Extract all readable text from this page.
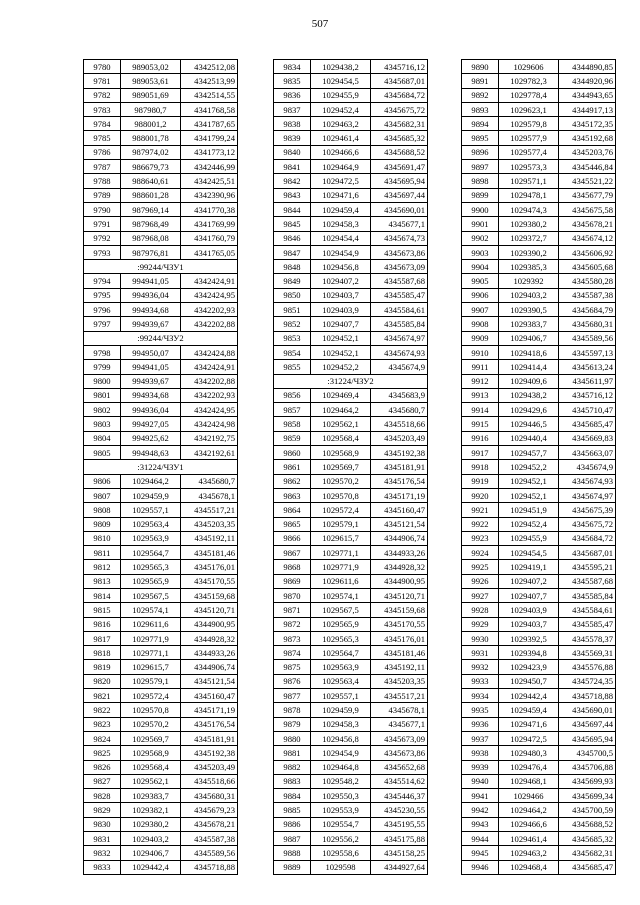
507
9780	989053,02	4342512,08
9781	989053,61	4342513,99
9782	989051,69	4342514,55
9783	987980,7	4341768,58
9784	988001,2	4341787,65
9785	988001,78	4341799,24
9786	987974,02	4341773,12
9787	986679,73	4342446,99
9788	988640,61	4342425,51
9789	988601,28	4342390,96
9790	987969,14	4341770,38
9791	987968,49	4341769,99
9792	987968,08	4341760,79
9793	987976,81	4341765,05
:99244/ЧЗУ1		
9794	994941,05	4342424,91
9795	994936,04	4342424,95
9796	994934,68	4342202,93
9797	994939,67	4342202,88
:99244/ЧЗУ2		
9798	994950,07	4342424,88
9799	994941,05	4342424,91
9800	994939,67	4342202,88
9801	994934,68	4342202,93
9802	994936,04	4342424,95
9803	994927,05	4342424,98
9804	994925,62	4342192,75
9805	994948,63	4342192,61
:31224/ЧЗУ1		
9806	1029464,2	4345680,7
9807	1029459,9	4345678,1
9808	1029557,1	4345517,21
9809	1029563,4	4345203,35
9810	1029563,9	4345192,11
9811	1029564,7	4345181,46
9812	1029565,3	4345176,01
9813	1029565,9	4345170,55
9814	1029567,5	4345159,68
9815	1029574,1	4345120,71
9816	1029611,6	4344900,95
9817	1029771,9	4344928,32
9818	1029771,1	4344933,26
9819	1029615,7	4344906,74
9820	1029579,1	4345121,54
9821	1029572,4	4345160,47
9822	1029570,8	4345171,19
9823	1029570,2	4345176,54
9824	1029569,7	4345181,91
9825	1029568,9	4345192,38
9826	1029568,4	4345203,49
9827	1029562,1	4345518,66
9828	1029383,7	4345680,31
9829	1029382,1	4345679,23
9830	1029380,2	4345678,21
9831	1029403,2	4345587,38
9832	1029406,7	4345589,56
9833	1029442,4	4345718,88
9834	1029438,2	4345716,12
9835	1029454,5	4345687,01
9836	1029455,9	4345684,72
9837	1029452,4	4345675,72
9838	1029463,2	4345682,31
9839	1029461,4	4345685,32
9840	1029466,6	4345688,52
9841	1029464,9	4345691,47
9842	1029472,5	4345695,94
9843	1029471,6	4345697,44
9844	1029459,4	4345690,01
9845	1029458,3	4345677,1
9846	1029454,4	4345674,73
9847	1029454,9	4345673,86
9848	1029456,8	4345673,09
9849	1029407,2	4345587,68
9850	1029403,7	4345585,47
9851	1029403,9	4345584,61
9852	1029407,7	4345585,84
9853	1029452,1	4345674,97
9854	1029452,1	4345674,93
9855	1029452,2	4345674,9
:31224/ЧЗУ2		
9856	1029469,4	4345683,9
9857	1029464,2	4345680,7
9858	1029562,1	4345518,66
9859	1029568,4	4345203,49
9860	1029568,9	4345192,38
9861	1029569,7	4345181,91
9862	1029570,2	4345176,54
9863	1029570,8	4345171,19
9864	1029572,4	4345160,47
9865	1029579,1	4345121,54
9866	1029615,7	4344906,74
9867	1029771,1	4344933,26
9868	1029771,9	4344928,32
9869	1029611,6	4344900,95
9870	1029574,1	4345120,71
9871	1029567,5	4345159,68
9872	1029565,9	4345170,55
9873	1029565,3	4345176,01
9874	1029564,7	4345181,46
9875	1029563,9	4345192,11
9876	1029563,4	4345203,35
9877	1029557,1	4345517,21
9878	1029459,9	4345678,1
9879	1029458,3	4345677,1
9880	1029456,8	4345673,09
9881	1029454,9	4345673,86
9882	1029464,8	4345652,68
9883	1029548,2	4345514,62
9884	1029550,3	4345446,37
9885	1029553,9	4345230,55
9886	1029554,7	4345195,55
9887	1029556,2	4345175,88
9888	1029558,6	4345158,25
9889	1029598	4344927,64
9890	1029606	4344890,85
9891	1029782,3	4344920,96
9892	1029778,4	4344943,65
9893	1029623,1	4344917,13
9894	1029579,8	4345172,35
9895	1029577,9	4345192,68
9896	1029577,4	4345203,76
9897	1029573,3	4345446,84
9898	1029571,1	4345521,22
9899	1029478,1	4345677,79
9900	1029474,3	4345675,58
9901	1029380,2	4345678,21
9902	1029372,7	4345674,12
9903	1029390,2	4345606,92
9904	1029385,3	4345605,68
9905	1029392	4345580,28
9906	1029403,2	4345587,38
9907	1029390,5	4345684,79
9908	1029383,7	4345680,31
9909	1029406,7	4345589,56
9910	1029418,6	4345597,13
9911	1029414,4	4345613,24
9912	1029409,6	4345611,97
9913	1029438,2	4345716,12
9914	1029429,6	4345710,47
9915	1029446,5	4345685,47
9916	1029440,4	4345669,83
9917	1029457,7	4345663,07
9918	1029452,2	4345674,9
9919	1029452,1	4345674,93
9920	1029452,1	4345674,97
9921	1029451,9	4345675,39
9922	1029452,4	4345675,72
9923	1029455,9	4345684,72
9924	1029454,5	4345687,01
9925	1029419,1	4345595,21
9926	1029407,2	4345587,68
9927	1029407,7	4345585,84
9928	1029403,9	4345584,61
9929	1029403,7	4345585,47
9930	1029392,5	4345578,37
9931	1029394,8	4345569,31
9932	1029423,9	4345576,88
9933	1029450,7	4345724,35
9934	1029442,4	4345718,88
9935	1029459,4	4345690,01
9936	1029471,6	4345697,44
9937	1029472,5	4345695,94
9938	1029480,3	4345700,5
9939	1029476,4	4345706,88
9940	1029468,1	4345699,93
9941	1029466	4345699,34
9942	1029464,2	4345700,59
9943	1029466,6	4345688,52
9944	1029461,4	4345685,32
9945	1029463,2	4345682,31
9946	1029468,4	4345685,47
